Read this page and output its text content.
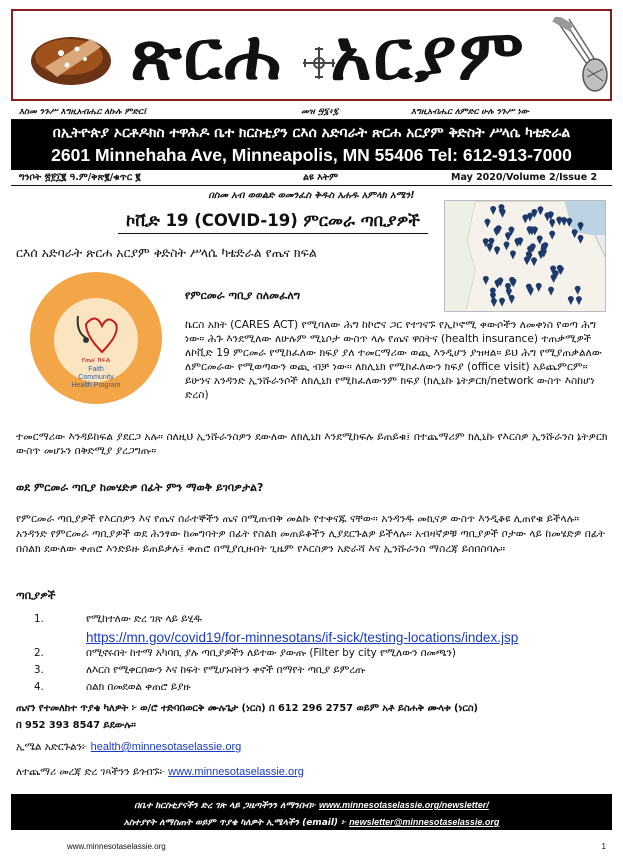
ጽርሐ አርያም
እስመ ንጉሥ እግዚአብሔር ለኩሉ ምድር፤	መዝ ፵፮፥፯	እግዚአብሔር ለምድር ሁሉ ንጉሥ ነው
በኢትዮጵያ ኦርቶዶክስ ተዋሕዶ ቤተ ክርስቲያን ርእሰ አድባራት ጽርሐ አርያም ቅድስት ሥላሴ ካቴድራል
2601 Minnehaha Ave, Minneapolis, MN 55406 Tel: 612-913-7000
ግንቦት ፳፻፲፪ ዓ.ም/ቅጽ፪/ቁጥር ፪	ልዩ እትም	May 2020/Volume 2/Issue 2
በስመ አብ ወወልድ ወመንፈስ ቅዱስ አሐዱ አምላክ አሜን!
ኮቪድ 19 (COVID-19) ምርመራ ጣቢያዎች
ርእሰ አድባራት ጽርሐ አርያም ቅድስት ሥላሴ ካቴድራል የጤና ክፍል
የጤና ክፍል
Faith
Community
Health Program
የምርመራ ጣቢያ ስለመፈለግ
ኬርስ አክት (CARES ACT) የሚባለው ሕግ ከኮሮና ጋር የተገናኙ የኢኮኖሚ ቀውሶችን ለመቀነስ የወጣ ሕግ ነው። ሕጉ እንደሚለው ለሁሉም ሚኒሶታ ውስጥ ላሉ የጤና ዋስትና (health insurance) ተጠቃሚዎች ለኮቪድ 19 ምርመራ የሚከፈለው ክፍያ ያለ ተመርማሪው ወጪ እንዲሆን ያዝዛል። ይህ ሕግ የሚያጠቃልለው ለምርመራው የሚወጣውን ወጪ ብቻ ነው። ለክሊኒክ የሚከፈለውን ክፍያ (office visit) አይጨምርም። ይሁንና አንዳንድ ኢንሹራንሶች ለክሊኒክ የሚከፈለውንም ክፍያ (ክሊኒኩ ኔትዎርክ/network ውስጥ እስከሆነ ድረስ)
ተመርማሪው እንዳይከፍል ያደርጋ አሉ። ስለዚህ ኢንሹራንስዎን ደውለው ለክሊኒክ እንደሚከፍሉ ይጠይቁ፤ በተጨማሪም ክሊኒኩ የእርስዎ ኢንሹራንስ ኔትዎርክ ውስጥ መሆኑን በቅድሚያ ያረጋግጡ።
ወደ ምርመራ ጣቢያ ከመሄድዎ በፊት ምን ማወቅ ይገባዎታል?
የምርመራ ጣቢያዎች የእርስዎን እና የጤና ሰራተኞችን ጤና በሚጠብቅ መልኩ የተቀናጁ ናቸው። አንዳንዱ መኪናዎ ውስጥ እንዲቆዩ ሊጠየቁ ይችላሉ። አንዳንድ የምርመራ ጣቢያዎች ወደ ሕንፃው ከመግባትዎ በፊት የስልክ መጠይቆችን ሊያደርጉልዎ ይችላሉ። አብዛኛዎቹ ጣቢያዎች ቦታው ላይ ከመሄድዎ በፊት በስልክ ደውለው ቀጠሮ እንድይዙ ይጠይቃሉ፤ ቀጠሮ በሚያሲዙበት ጊዜም የእርስዎን አድራሻ እና ኢንሹራንስ ማስረጃ ይሰበስባሉ።
ጣቢያዎች
1.	የሚከተለው ድረ ገጽ ላይ ይሂዱ
https://mn.gov/covid19/for-minnesotans/if-sick/testing-locations/index.jsp
2.	በሚኖሩበት ከተማ አካባቢ ያሉ ጣቢያዎችን ለይተው ያውጡ (Filter by city የሚለውን በመጫን)
3.	ለእርስ የሚቀርበውን እና ከፍት የሚሆኑበትን ቀኖች በማየት ጣቢያ ይምረጡ
4.	ስልክ በመደወል ቀጠሮ ይያዙ
ጤናን የተመለከተ ጥያቄ ካለዎት ፦ ወ/ሮ ተድባበወርቅ ሙሉጌታ (ነርስ) በ 612 296 2757 ወይም አቶ ይስሐቅ ሙላቱ (ነርስ)
በ 952 393 8547 ይደውሉ።
ኢሜል አድርጉልን፦ health@minnesotaselassie.org
ለተጨማሪ መረጃ ድረ ገጻችንን ይጎብኙ፦ www.minnesotaselassie.org
በቤተ ክርስቲያናችን ድረ ገጽ ላይ ጋዜጣችንን ለማንበብ፦ www.minnesotaselassie.org/newsletter/
አስተያየት ለማስጠት ወይም ጥያቄ ካለዎት ኢሜላችን (email) ፦ newsletter@minnesotaselassie.org
www.minnesotaselassie.org	1
